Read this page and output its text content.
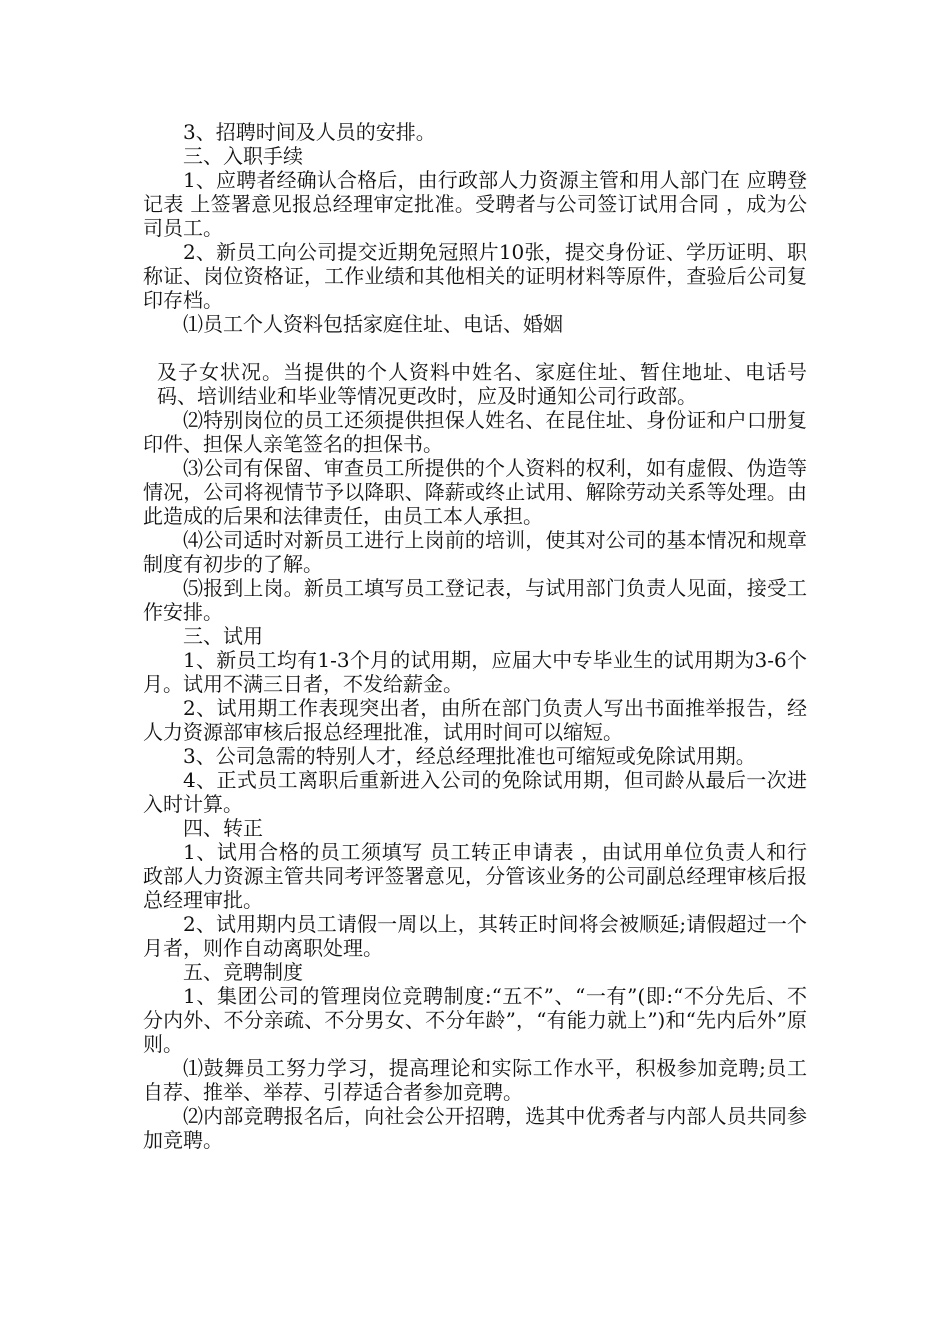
3、招聘时间及人员的安排。

三、入职手续

1、应聘者经确认合格后，由行政部人力资源主管和用人部门在 应聘登记表 上签署意见报总经理审定批准。受聘者与公司签订试用合同 ，成为公司员工。

2、新员工向公司提交近期免冠照片10张，提交身份证、学历证明、职称证、岗位资格证，工作业绩和其他相关的证明材料等原件，查验后公司复印存档。

⑴员工个人资料包括家庭住址、电话、婚姻

及子女状况。当提供的个人资料中姓名、家庭住址、暂住地址、电话号码、培训结业和毕业等情况更改时，应及时通知公司行政部。

⑵特别岗位的员工还须提供担保人姓名、在昆住址、身份证和户口册复印件、担保人亲笔签名的担保书。

⑶公司有保留、审查员工所提供的个人资料的权利，如有虚假、伪造等情况，公司将视情节予以降职、降薪或终止试用、解除劳动关系等处理。由此造成的后果和法律责任，由员工本人承担。

⑷公司适时对新员工进行上岗前的培训，使其对公司的基本情况和规章制度有初步的了解。

⑸报到上岗。新员工填写员工登记表，与试用部门负责人见面，接受工作安排。

三、试用

1、新员工均有1-3个月的试用期，应届大中专毕业生的试用期为3-6个月。试用不满三日者，不发给薪金。

2、试用期工作表现突出者，由所在部门负责人写出书面推举报告，经人力资源部审核后报总经理批准，试用时间可以缩短。

3、公司急需的特别人才，经总经理批准也可缩短或免除试用期。

4、正式员工离职后重新进入公司的免除试用期，但司龄从最后一次进入时计算。

四、转正

1、试用合格的员工须填写 员工转正申请表 ，由试用单位负责人和行政部人力资源主管共同考评签署意见，分管该业务的公司副总经理审核后报总经理审批。

2、试用期内员工请假一周以上，其转正时间将会被顺延;请假超过一个月者，则作自动离职处理。

五、竞聘制度

1、集团公司的管理岗位竞聘制度:“五不”、“一有”(即:“不分先后、不分内外、不分亲疏、不分男女、不分年龄”，“有能力就上”)和“先内后外”原则。

⑴鼓舞员工努力学习，提高理论和实际工作水平，积极参加竞聘;员工自荐、推举、举荐、引荐适合者参加竞聘。

⑵内部竞聘报名后，向社会公开招聘，选其中优秀者与内部人员共同参加竞聘。
